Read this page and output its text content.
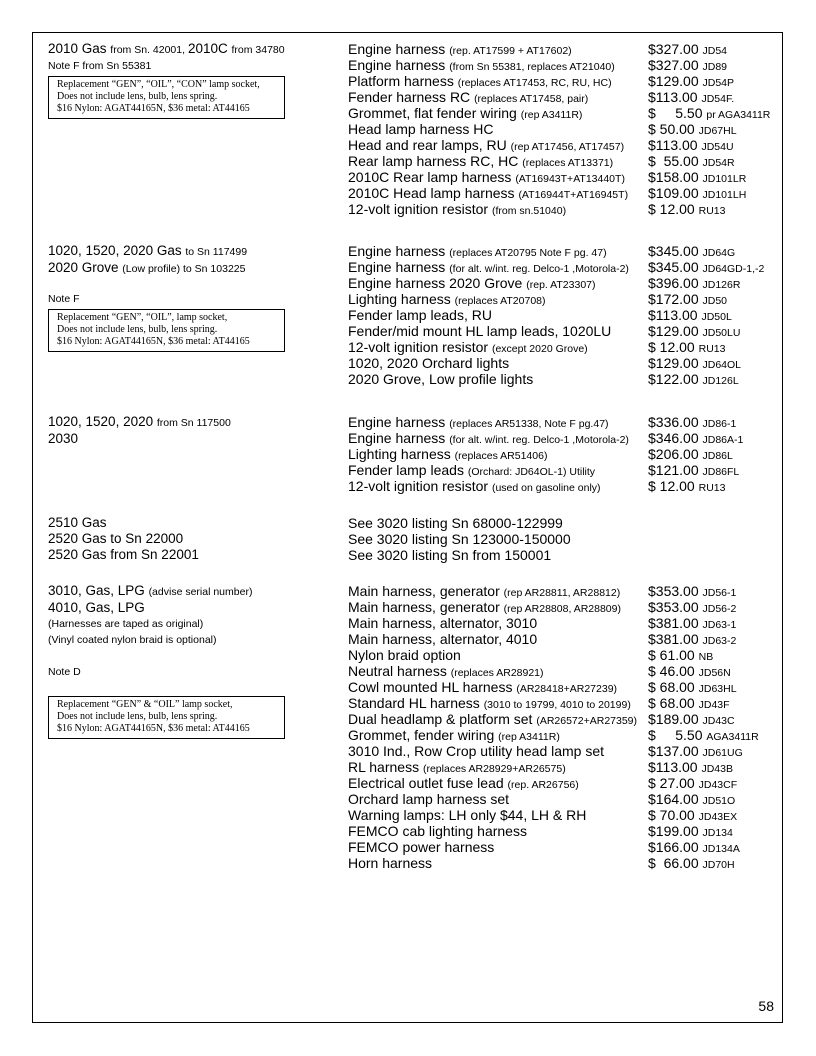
2010 Gas from Sn. 42001, 2010C from 34780
Note F from Sn 55381
Replacement “GEN”, “OIL”, “CON” lamp socket,
Does not include lens, bulb, lens spring.
$16 Nylon: AGAT44165N, $36 metal: AT44165
Engine harness (rep. AT17599 + AT17602)	$327.00 JD54
Engine harness (from Sn 55381, replaces AT21040) $327.00 JD89
Platform harness (replaces AT17453, RC, RU, HC)	$129.00 JD54P
Fender harness RC (replaces AT17458, pair)	$113.00 JD54F.
Grommet, flat fender wiring (rep A3411R)	$     5.50 pr AGA3411R
Head lamp harness HC	$ 50.00 JD67HL
Head and rear lamps, RU (rep AT17456, AT17457) $113.00 JD54U
Rear lamp harness RC, HC (replaces AT13371) $  55.00 JD54R
2010C Rear lamp harness (AT16943T+AT13440T) $158.00 JD101LR
2010C Head lamp harness (AT16944T+AT16945T) $109.00 JD101LH
12-volt ignition resistor (from sn.51040)	$ 12.00 RU13
1020, 1520, 2020 Gas to Sn 117499
2020 Grove (Low profile) to Sn 103225
Note F
Replacement “GEN”, “OIL”, lamp socket,
Does not include lens, bulb, lens spring.
$16 Nylon: AGAT44165N, $36 metal: AT44165
Engine harness (replaces AT20795 Note F pg. 47)	$345.00 JD64G
Engine harness (for alt. w/int. reg. Delco-1 ,Motorola-2) $345.00 JD64GD-1,-2
Engine harness 2020 Grove (rep. AT23307)	$396.00 JD126R
Lighting harness (replaces AT20708)	$172.00 JD50
Fender lamp leads, RU	$113.00 JD50L
Fender/mid mount HL lamp leads, 1020LU	$129.00 JD50LU
12-volt ignition resistor (except 2020 Grove)	$ 12.00 RU13
1020, 2020 Orchard lights	$129.00 JD64OL
2020 Grove, Low profile lights	$122.00 JD126L
1020, 1520, 2020 from Sn 117500
2030
Engine harness (replaces AR51338, Note F pg.47)	$336.00 JD86-1
Engine harness (for alt. w/int. reg. Delco-1 ,Motorola-2) $346.00 JD86A-1
Lighting harness (replaces AR51406)	$206.00 JD86L
Fender lamp leads (Orchard: JD64OL-1) Utility	$121.00 JD86FL
12-volt ignition resistor (used on gasoline only)	$ 12.00 RU13
2510 Gas
2520 Gas to Sn 22000
2520 Gas from Sn 22001
See 3020 listing Sn 68000-122999
See 3020 listing Sn 123000-150000
See 3020 listing Sn from 150001
3010, Gas, LPG (advise serial number)
4010, Gas, LPG
(Harnesses are taped as original)
(Vinyl coated nylon braid is optional)

Note D
Replacement “GEN” & “OIL” lamp socket,
Does not include lens, bulb, lens spring.
$16 Nylon: AGAT44165N, $36 metal: AT44165
Main harness, generator (rep AR28811, AR28812) $353.00 JD56-1
Main harness, generator (rep AR28808, AR28809) $353.00 JD56-2
Main harness, alternator, 3010	$381.00 JD63-1
Main harness, alternator, 4010	$381.00 JD63-2
Nylon braid option	$ 61.00 NB
Neutral harness (replaces AR28921)	$ 46.00 JD56N
Cowl mounted HL harness (AR28418+AR27239) $ 68.00 JD63HL
Standard HL harness (3010 to 19799, 4010 to 20199) $ 68.00 JD43F
Dual headlamp & platform set (AR26572+AR27359) $189.00 JD43C
Grommet, fender wiring (rep A3411R)	$     5.50 AGA3411R
3010 Ind., Row Crop utility head lamp set	$137.00 JD61UG
RL harness (replaces AR28929+AR26575)	$113.00 JD43B
Electrical outlet fuse lead (rep. AR26756)	$ 27.00 JD43CF
Orchard lamp harness set	$164.00 JD51O
Warning lamps: LH only $44, LH & RH	$ 70.00 JD43EX
FEMCO cab lighting harness	$199.00 JD134
FEMCO power harness	$166.00 JD134A
Horn harness	$  66.00 JD70H
58
